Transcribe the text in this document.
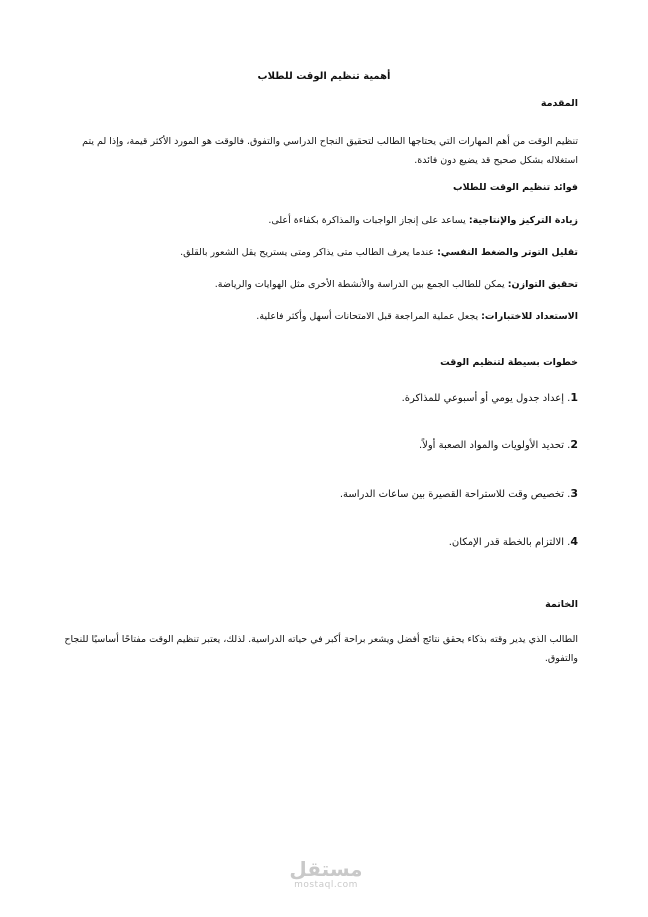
أهمية تنظيم الوقت للطلاب
المقدمة
تنظيم الوقت من أهم المهارات التي يحتاجها الطالب لتحقيق النجاح الدراسي والتفوق. فالوقت هو المورد الأكثر قيمة، وإذا لم يتم استغلاله بشكل صحيح قد يضيع دون فائدة.
فوائد تنظيم الوقت للطلاب
زيادة التركيز والإنتاجية: يساعد على إنجاز الواجبات والمذاكرة بكفاءة أعلى.
تقليل التوتر والضغط النفسي: عندما يعرف الطالب متى يذاكر ومتى يستريح يقل الشعور بالقلق.
تحقيق التوازن: يمكن للطالب الجمع بين الدراسة والأنشطة الأخرى مثل الهوايات والرياضة.
الاستعداد للاختبارات: يجعل عملية المراجعة قبل الامتحانات أسهل وأكثر فاعلية.
خطوات بسيطة لتنظيم الوقت
1. إعداد جدول يومي أو أسبوعي للمذاكرة.
2. تحديد الأولويات والمواد الصعبة أولاً.
3. تخصيص وقت للاستراحة القصيرة بين ساعات الدراسة.
4. الالتزام بالخطة قدر الإمكان.
الخاتمة
الطالب الذي يدير وقته بذكاء يحقق نتائج أفضل ويشعر براحة أكبر في حياته الدراسية. لذلك، يعتبر تنظيم الوقت مفتاحًا أساسيًا للنجاح والتفوق.
مستقل
mostaql.com
